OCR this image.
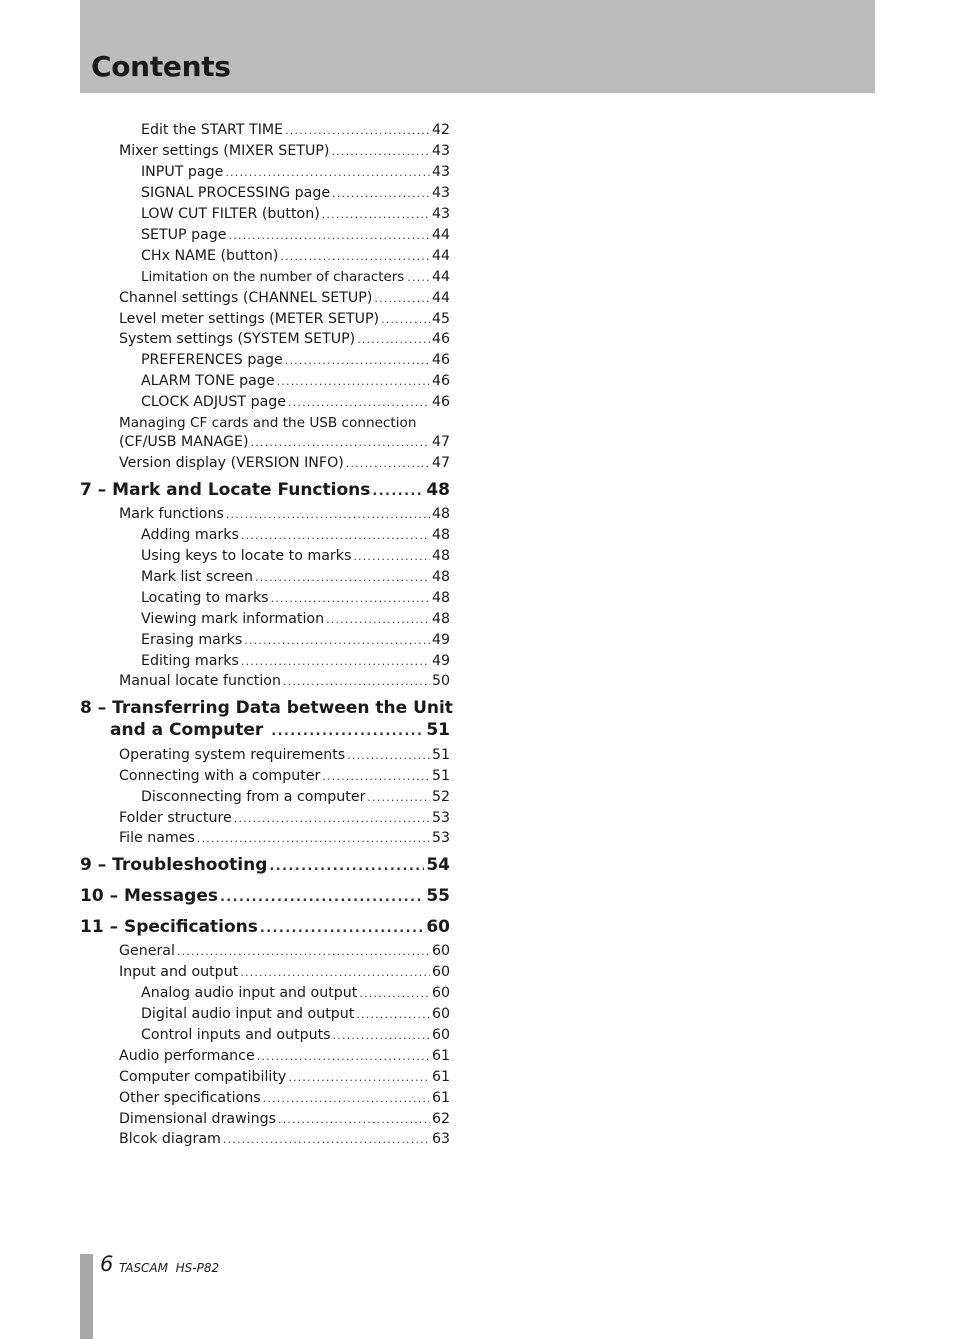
Contents
Edit the START TIME .....	42
Mixer settings (MIXER SETUP) .....	43
INPUT page .....	43
SIGNAL PROCESSING page .....	43
LOW CUT FILTER (button) .....	43
SETUP page .....	44
CHx NAME (button) .....	44
Limitation on the number of characters ..... 44
Channel settings (CHANNEL SETUP) .....	44
Level meter settings (METER SETUP) .....	45
System settings (SYSTEM SETUP) .....	46
PREFERENCES page .....	46
ALARM TONE page .....	46
CLOCK ADJUST page .....	46
Managing CF cards and the USB connection
(CF/USB MANAGE) .....	47
Version display (VERSION INFO) .....	47
7 – Mark and Locate Functions .....	48
Mark functions .....	48
Adding marks .....	48
Using keys to locate to marks .....	48
Mark list screen .....	48
Locating to marks .....	48
Viewing mark information .....	48
Erasing marks .....	49
Editing marks .....	49
Manual locate function .....	50
8 – Transferring Data between the Unit
and a Computer .....	51
Operating system requirements .....	51
Connecting with a computer .....	51
Disconnecting from a computer .....	52
Folder structure .....	53
File names .....	53
9 – Troubleshooting .....	54
10 – Messages .....	55
11 – Specifications .....	60
General .....	60
Input and output .....	60
Analog audio input and output .....	60
Digital audio input and output .....	60
Control inputs and outputs .....	60
Audio performance .....	61
Computer compatibility .....	61
Other specifications .....	61
Dimensional drawings .....	62
Blcok diagram .....	63
6 TASCAM  HS-P82
